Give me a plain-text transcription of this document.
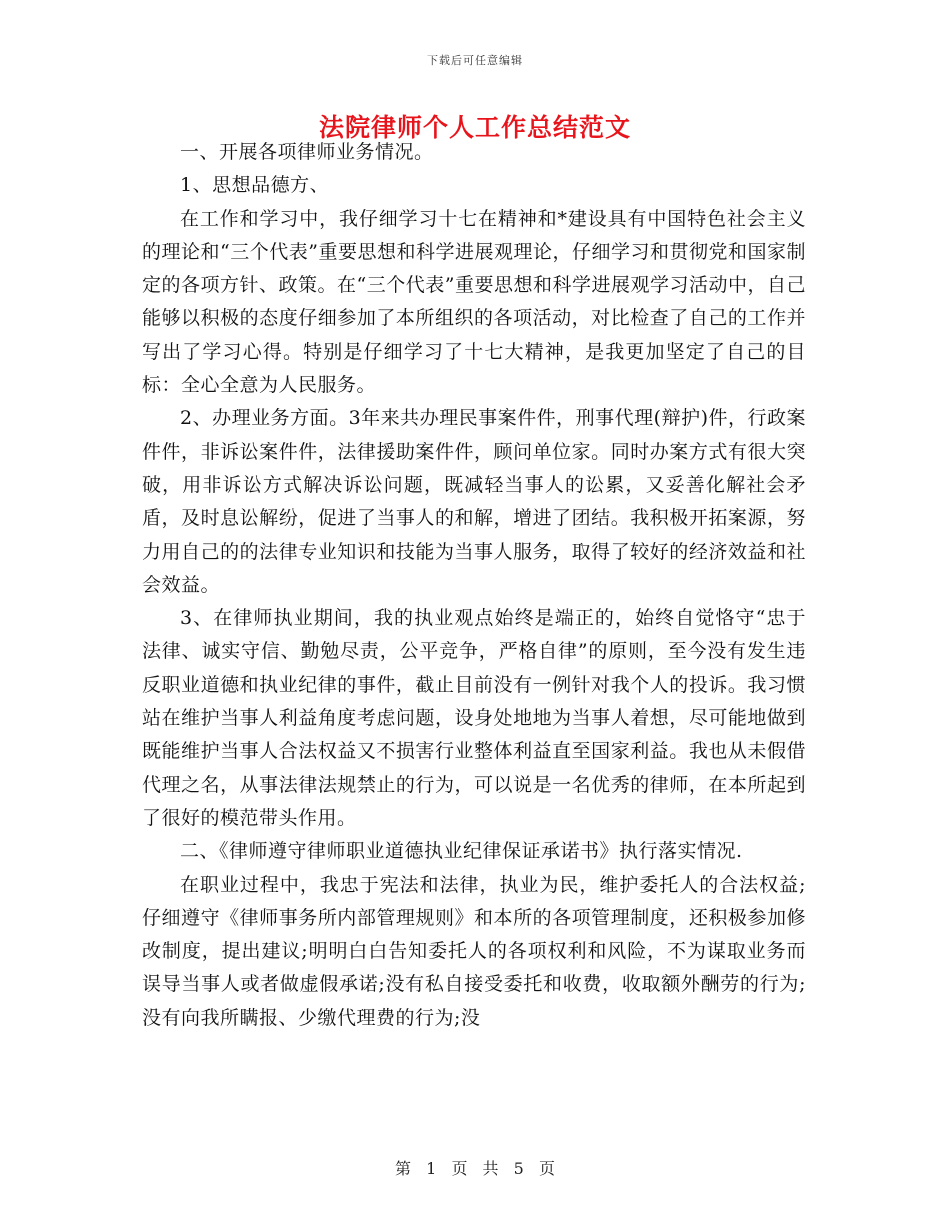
下载后可任意编辑
法院律师个人工作总结范文

一、开展各项律师业务情况。

1、思想品德方、

在工作和学习中，我仔细学习十七在精神和*建设具有中国特色社会主义的理论和“三个代表”重要思想和科学进展观理论，仔细学习和贯彻党和国家制定的各项方针、政策。在“三个代表”重要思想和科学进展观学习活动中，自己能够以积极的态度仔细参加了本所组织的各项活动，对比检查了自己的工作并写出了学习心得。特别是仔细学习了十七大精神，是我更加坚定了自己的目标：全心全意为人民服务。

2、办理业务方面。3年来共办理民事案件件，刑事代理(辩护)件，行政案件件，非诉讼案件件，法律援助案件件，顾问单位家。同时办案方式有很大突破，用非诉讼方式解决诉讼问题，既减轻当事人的讼累，又妥善化解社会矛盾，及时息讼解纷，促进了当事人的和解，增进了团结。我积极开拓案源，努力用自己的的法律专业知识和技能为当事人服务，取得了较好的经济效益和社会效益。

3、在律师执业期间，我的执业观点始终是端正的，始终自觉恪守“忠于法律、诚实守信、勤勉尽责，公平竞争，严格自律”的原则，至今没有发生违反职业道德和执业纪律的事件，截止目前没有一例针对我个人的投诉。我习惯站在维护当事人利益角度考虑问题，设身处地地为当事人着想，尽可能地做到既能维护当事人合法权益又不损害行业整体利益直至国家利益。我也从未假借代理之名，从事法律法规禁止的行为，可以说是一名优秀的律师，在本所起到了很好的模范带头作用。

二、《律师遵守律师职业道德执业纪律保证承诺书》执行落实情况.

在职业过程中，我忠于宪法和法律，执业为民，维护委托人的合法权益;仔细遵守《律师事务所内部管理规则》和本所的各项管理制度，还积极参加修改制度，提出建议;明明白白告知委托人的各项权利和风险，不为谋取业务而误导当事人或者做虚假承诺;没有私自接受委托和收费，收取额外酬劳的行为;没有向我所瞒报、少缴代理费的行为;没

第 1 页 共 5 页
